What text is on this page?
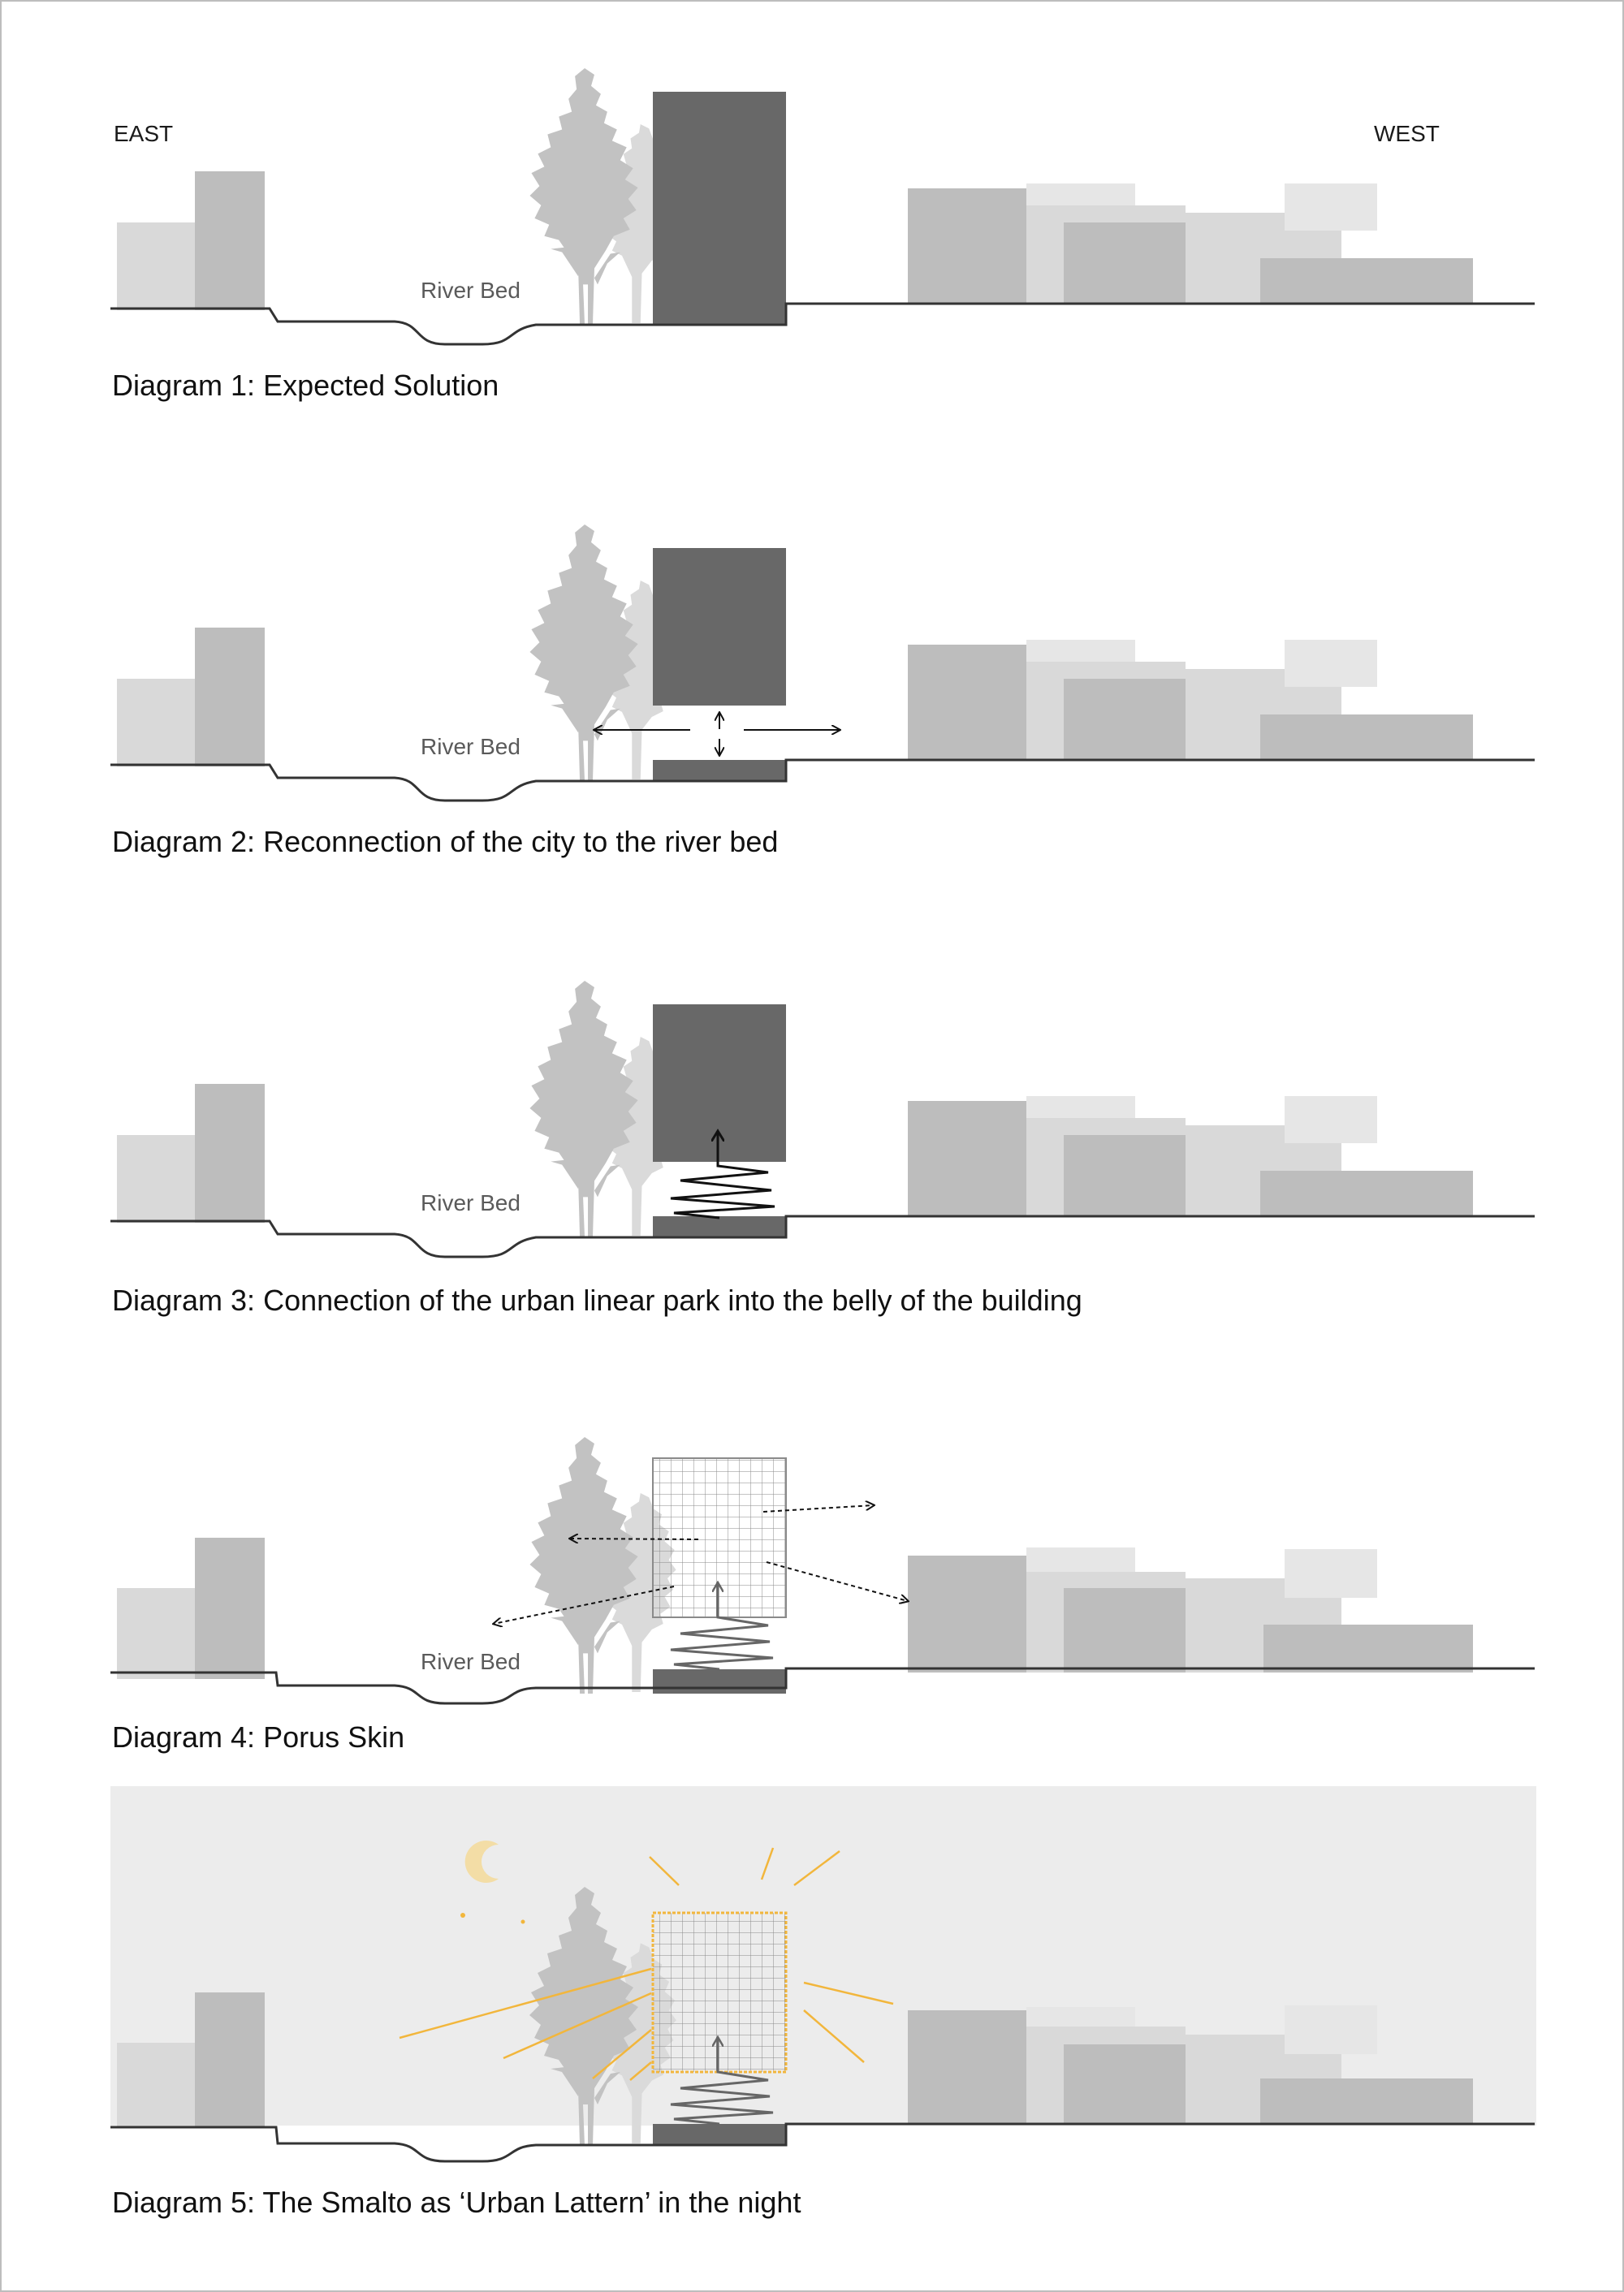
EAST	WEST
River Bed
Diagram 1: Expected Solution
River Bed
Diagram 2: Reconnection of the city to the river bed
River Bed
Diagram 3: Connection of the urban linear park into the belly of the building
River Bed
Diagram 4: Porus Skin
Diagram 5: The Smalto as ‘Urban Lattern’ in the night
